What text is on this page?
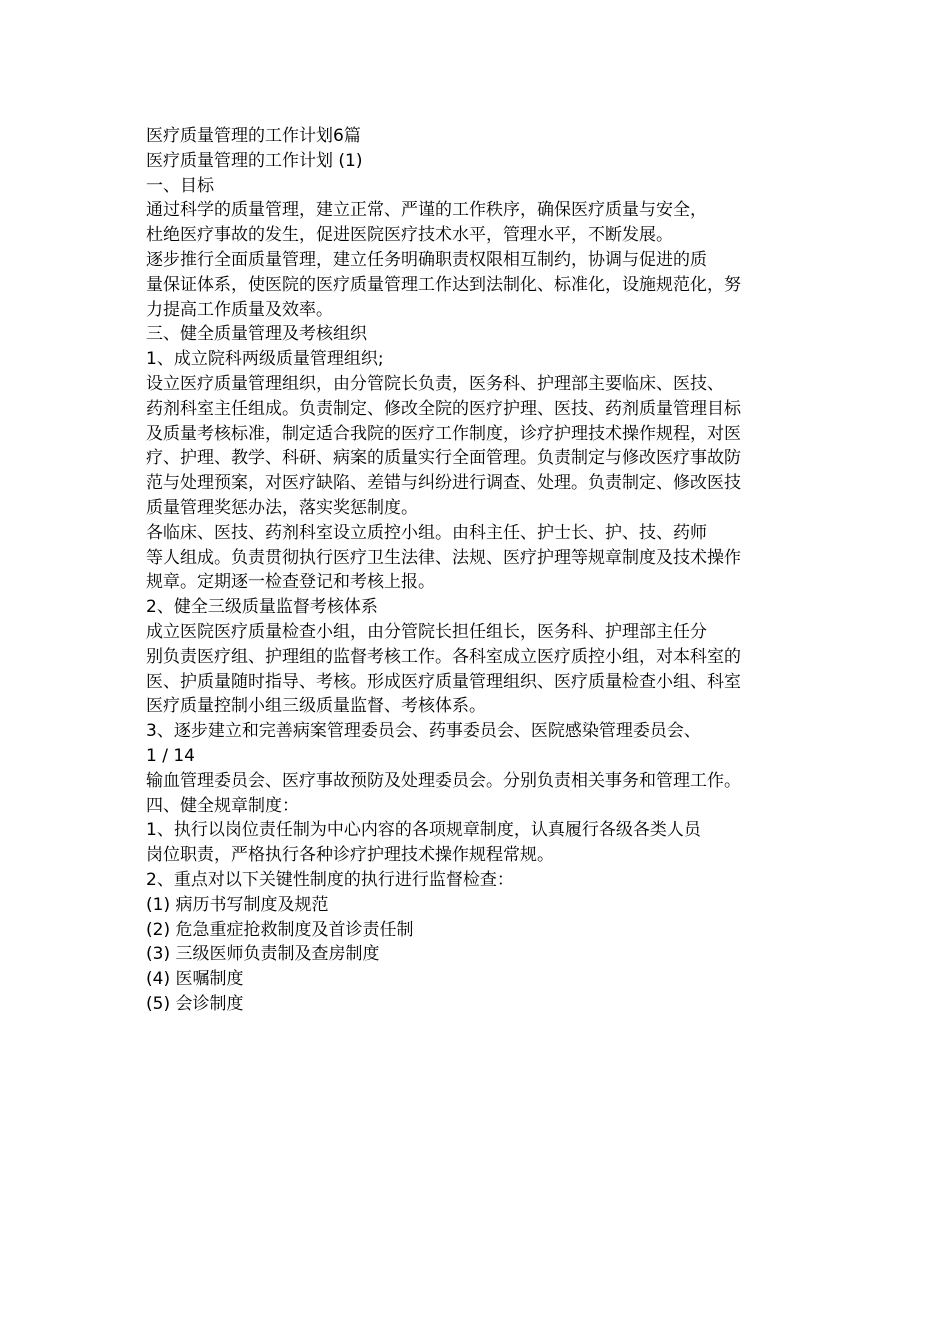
医疗质量管理的工作计划6篇
医疗质量管理的工作计划 (1)
一、目标
通过科学的质量管理，建立正常、严谨的工作秩序，确保医疗质量与安全，
杜绝医疗事故的发生，促进医院医疗技术水平，管理水平，不断发展。
逐步推行全面质量管理，建立任务明确职责权限相互制约，协调与促进的质
量保证体系，使医院的医疗质量管理工作达到法制化、标准化，设施规范化，努
力提高工作质量及效率。
三、健全质量管理及考核组织
1、成立院科两级质量管理组织;
设立医疗质量管理组织，由分管院长负责，医务科、护理部主要临床、医技、
药剂科室主任组成。负责制定、修改全院的医疗护理、医技、药剂质量管理目标
及质量考核标准，制定适合我院的医疗工作制度，诊疗护理技术操作规程，对医
疗、护理、教学、科研、病案的质量实行全面管理。负责制定与修改医疗事故防
范与处理预案，对医疗缺陷、差错与纠纷进行调查、处理。负责制定、修改医技
质量管理奖惩办法，落实奖惩制度。
各临床、医技、药剂科室设立质控小组。由科主任、护士长、护、技、药师
等人组成。负责贯彻执行医疗卫生法律、法规、医疗护理等规章制度及技术操作
规章。定期逐一检查登记和考核上报。
2、健全三级质量监督考核体系
成立医院医疗质量检查小组，由分管院长担任组长，医务科、护理部主任分
别负责医疗组、护理组的监督考核工作。各科室成立医疗质控小组，对本科室的
医、护质量随时指导、考核。形成医疗质量管理组织、医疗质量检查小组、科室
医疗质量控制小组三级质量监督、考核体系。
3、逐步建立和完善病案管理委员会、药事委员会、医院感染管理委员会、
1 / 14
输血管理委员会、医疗事故预防及处理委员会。分别负责相关事务和管理工作。
四、健全规章制度：
1、执行以岗位责任制为中心内容的各项规章制度，认真履行各级各类人员
岗位职责，严格执行各种诊疗护理技术操作规程常规。
2、重点对以下关键性制度的执行进行监督检查：
(1) 病历书写制度及规范
(2) 危急重症抢救制度及首诊责任制
(3) 三级医师负责制及查房制度
(4) 医嘱制度
(5) 会诊制度
